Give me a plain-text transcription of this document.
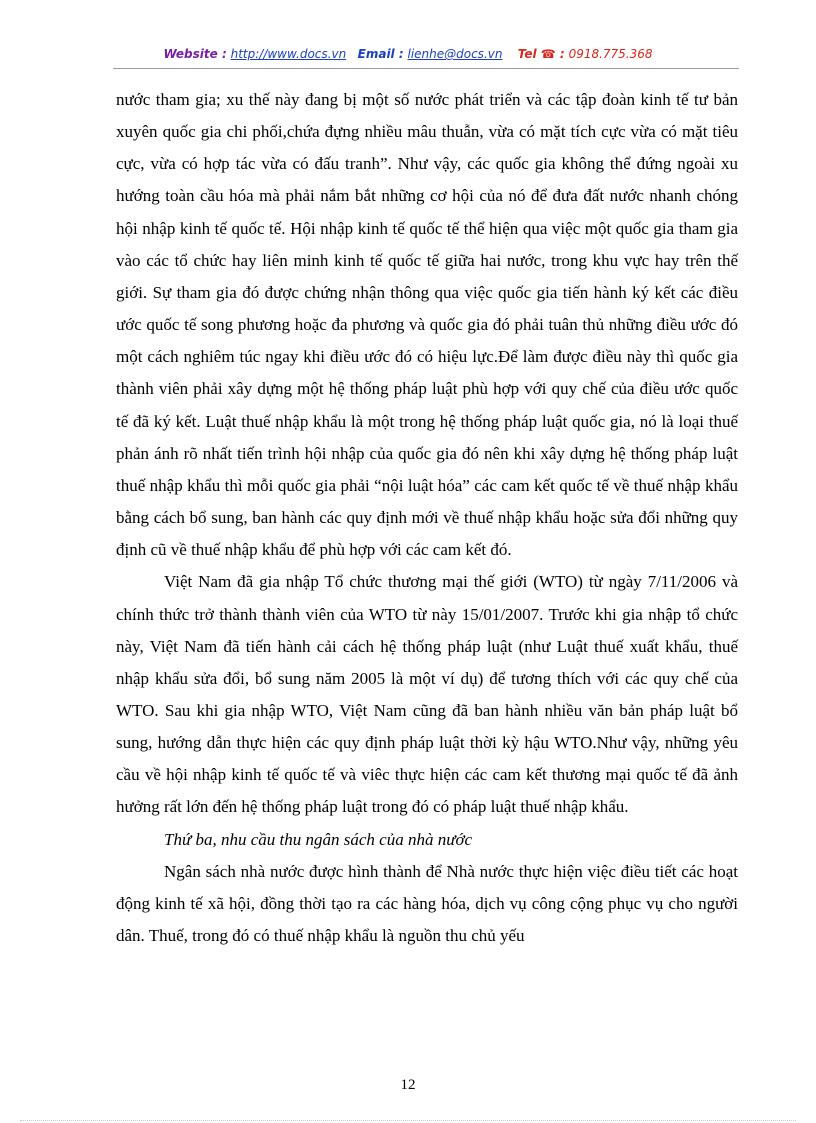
Website : http://www.docs.vn Email : lienhe@docs.vn Tel ☎ : 0918.775.368

nước tham gia; xu thế này đang bị một số nước phát triển và các tập đoàn kinh tế tư bản xuyên quốc gia chi phối,chứa đựng nhiều mâu thuẫn, vừa có mặt tích cực vừa có mặt tiêu cực, vừa có hợp tác vừa có đấu tranh”. Như vậy, các quốc gia không thể đứng ngoài xu hướng toàn cầu hóa mà phải nắm bắt những cơ hội của nó để đưa đất nước nhanh chóng hội nhập kinh tế quốc tế. Hội nhập kinh tế quốc tế thể hiện qua việc một quốc gia tham gia vào các tổ chức hay liên minh kinh tế quốc tế giữa hai nước, trong khu vực hay trên thế giới. Sự tham gia đó được chứng nhận thông qua việc quốc gia tiến hành ký kết các điều ước quốc tế song phương hoặc đa phương và quốc gia đó phải tuân thủ những điều ước đó một cách nghiêm túc ngay khi điều ước đó có hiệu lực.Để làm được điều này thì quốc gia thành viên phải xây dựng một hệ thống pháp luật phù hợp với quy chế của điều ước quốc tế đã ký kết. Luật thuế nhập khẩu là một trong hệ thống pháp luật quốc gia, nó là loại thuế phản ánh rõ nhất tiến trình hội nhập của quốc gia đó nên khi xây dựng hệ thống pháp luật thuế nhập khẩu thì mỗi quốc gia phải “nội luật hóa” các cam kết quốc tế về thuế nhập khẩu bằng cách bổ sung, ban hành các quy định mới về thuế nhập khẩu hoặc sửa đổi những quy định cũ về thuế nhập khẩu để phù hợp với các cam kết đó.

Việt Nam đã gia nhập Tổ chức thương mại thế giới (WTO) từ ngày 7/11/2006 và chính thức trở thành thành viên của WTO từ này 15/01/2007. Trước khi gia nhập tổ chức này, Việt Nam đã tiến hành cải cách hệ thống pháp luật (như Luật thuế xuất khẩu, thuế nhập khẩu sửa đổi, bổ sung năm 2005 là một ví dụ) để tương thích với các quy chế của WTO. Sau khi gia nhập WTO, Việt Nam cũng đã ban hành nhiều văn bản pháp luật bổ sung, hướng dẫn thực hiện các quy định pháp luật thời kỳ hậu WTO.Như vậy, những yêu cầu về hội nhập kinh tế quốc tế và viêc thực hiện các cam kết thương mại quốc tế đã ảnh hưởng rất lớn đến hệ thống pháp luật trong đó có pháp luật thuế nhập khẩu.

Thứ ba, nhu cầu thu ngân sách của nhà nước

Ngân sách nhà nước được hình thành để Nhà nước thực hiện việc điều tiết các hoạt động kinh tế xã hội, đồng thời tạo ra các hàng hóa, dịch vụ công cộng phục vụ cho người dân. Thuế, trong đó có thuế nhập khẩu là nguồn thu chủ yếu

12
